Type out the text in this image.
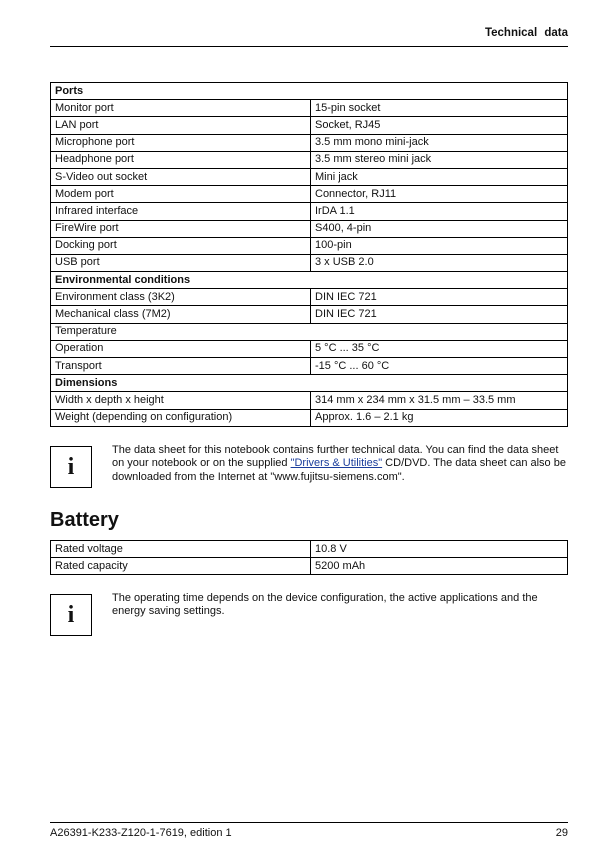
Technical data
Ports	
Monitor port	15-pin socket
LAN port	Socket, RJ45
Microphone port	3.5 mm mono mini-jack
Headphone port	3.5 mm stereo mini jack
S-Video out socket	Mini jack
Modem port	Connector, RJ11
Infrared interface	IrDA 1.1
FireWire port	S400, 4-pin
Docking port	100-pin
USB port	3 x USB 2.0
Environmental conditions	
Environment class (3K2)	DIN IEC 721
Mechanical class (7M2)	DIN IEC 721
Temperature	
Operation	5 °C ... 35 °C
Transport	-15 °C ... 60 °C
Dimensions	
Width x depth x height	314 mm x 234 mm x 31.5 mm – 33.5 mm
Weight (depending on configuration)	Approx. 1.6 – 2.1 kg
i
The data sheet for this notebook contains further technical data. You can find the data sheet on your notebook or on the supplied "Drivers & Utilities" CD/DVD. The data sheet can also be downloaded from the Internet at "www.fujitsu-siemens.com".
Battery
Rated voltage	10.8 V
Rated capacity	5200 mAh
i
The operating time depends on the device configuration, the active applications and the energy saving settings.
A26391-K233-Z120-1-7619, edition 1	29
